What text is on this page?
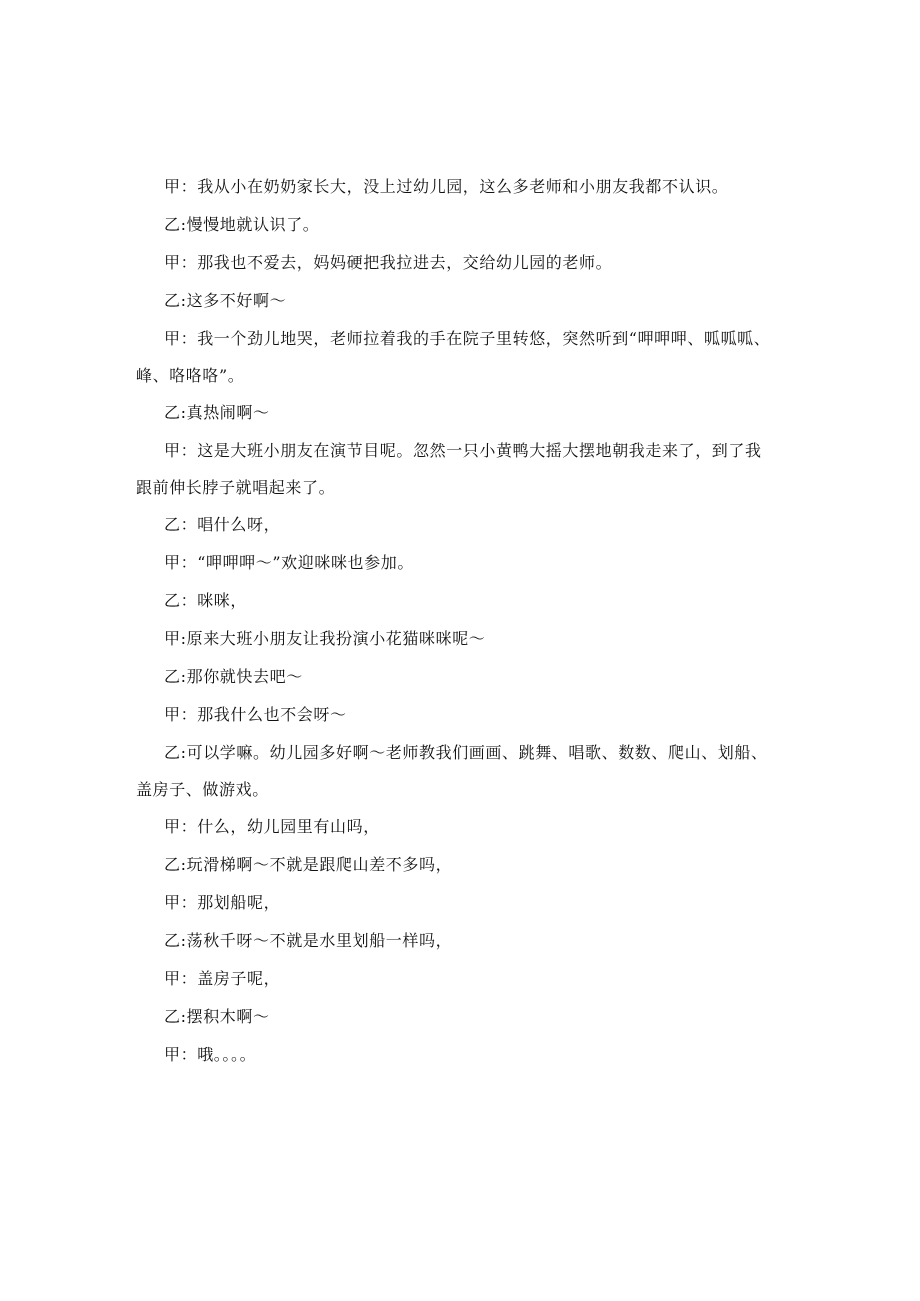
甲：我从小在奶奶家长大，没上过幼儿园，这么多老师和小朋友我都不认识。

乙:慢慢地就认识了。

甲：那我也不爱去，妈妈硬把我拉进去，交给幼儿园的老师。

乙:这多不好啊～

甲：我一个劲儿地哭，老师拉着我的手在院子里转悠，突然听到“呷呷呷、呱呱呱、峰、咯咯咯”。

乙:真热闹啊～

甲：这是大班小朋友在演节目呢。忽然一只小黄鸭大摇大摆地朝我走来了，到了我跟前伸长脖子就唱起来了。

乙：唱什么呀，

甲：“呷呷呷～”欢迎咪咪也参加。

乙：咪咪，

甲:原来大班小朋友让我扮演小花猫咪咪呢～

乙:那你就快去吧～

甲：那我什么也不会呀～

乙:可以学嘛。幼儿园多好啊～老师教我们画画、跳舞、唱歌、数数、爬山、划船、盖房子、做游戏。

甲：什么，幼儿园里有山吗，

乙:玩滑梯啊～不就是跟爬山差不多吗，

甲：那划船呢，

乙:荡秋千呀～不就是水里划船一样吗，

甲：盖房子呢，

乙:摆积木啊～

甲：哦。。。。
